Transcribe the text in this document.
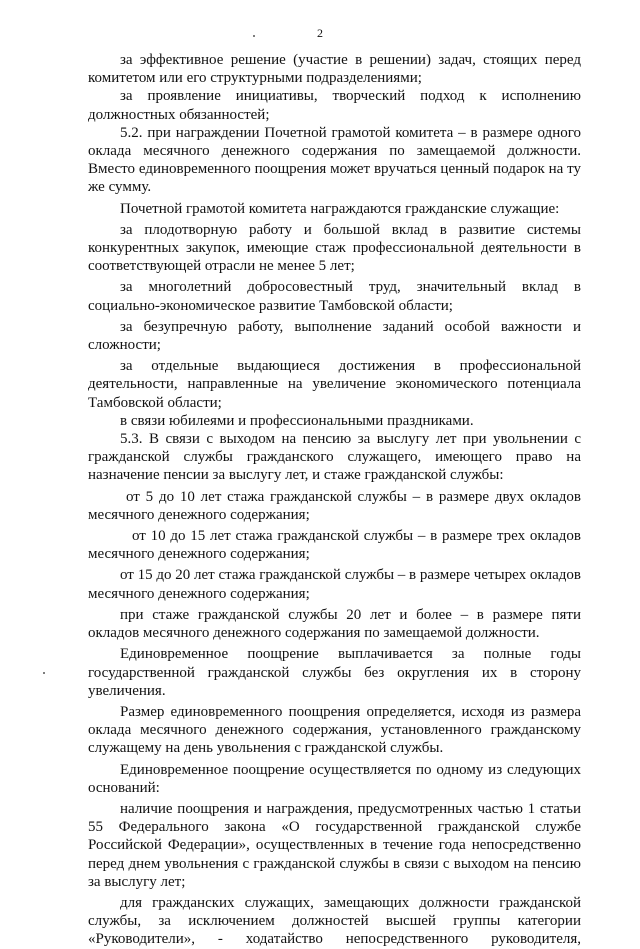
2

за эффективное решение (участие в решении) задач, стоящих перед комитетом или его структурными подразделениями;

за проявление инициативы, творческий подход к исполнению должностных обязанностей;

5.2. при награждении Почетной грамотой комитета – в размере одного оклада месячного денежного содержания по замещаемой должности. Вместо единовременного поощрения может вручаться ценный подарок на ту же сумму.

Почетной грамотой комитета награждаются гражданские служащие:

за плодотворную работу и большой вклад в развитие системы конкурентных закупок, имеющие стаж профессиональной деятельности в соответствующей отрасли не менее 5 лет;

за многолетний добросовестный труд, значительный вклад в социально-экономическое развитие Тамбовской области;

за безупречную работу, выполнение заданий особой важности и сложности;

за отдельные выдающиеся достижения в профессиональной деятельности, направленные на увеличение экономического потенциала Тамбовской области;

в связи юбилеями и профессиональными праздниками.

5.3. В связи с выходом на пенсию за выслугу лет при увольнении с гражданской службы гражданского служащего, имеющего право на назначение пенсии за выслугу лет, и стаже гражданской службы:

от 5 до 10 лет стажа гражданской службы – в размере двух окладов месячного денежного содержания;

от 10 до 15 лет стажа гражданской службы – в размере трех окладов месячного денежного содержания;

от 15 до 20 лет стажа гражданской службы – в размере четырех окладов месячного денежного содержания;

при стаже гражданской службы 20 лет и более – в размере пяти окладов месячного денежного содержания по замещаемой должности.

Единовременное поощрение выплачивается за полные годы государственной гражданской службы без округления их в сторону увеличения.

Размер единовременного поощрения определяется, исходя из размера оклада месячного денежного содержания, установленного гражданскому служащему на день увольнения с гражданской службы.

Единовременное поощрение осуществляется по одному из следующих оснований:

наличие поощрения и награждения, предусмотренных частью 1 статьи 55 Федерального закона «О государственной гражданской службе Российской Федерации», осуществленных в течение года непосредственно перед днем увольнения с гражданской службы в связи с выходом на пенсию за выслугу лет;

для гражданских служащих, замещающих должности гражданской службы, за исключением должностей высшей группы категории «Руководители», - ходатайство непосредственного руководителя,
